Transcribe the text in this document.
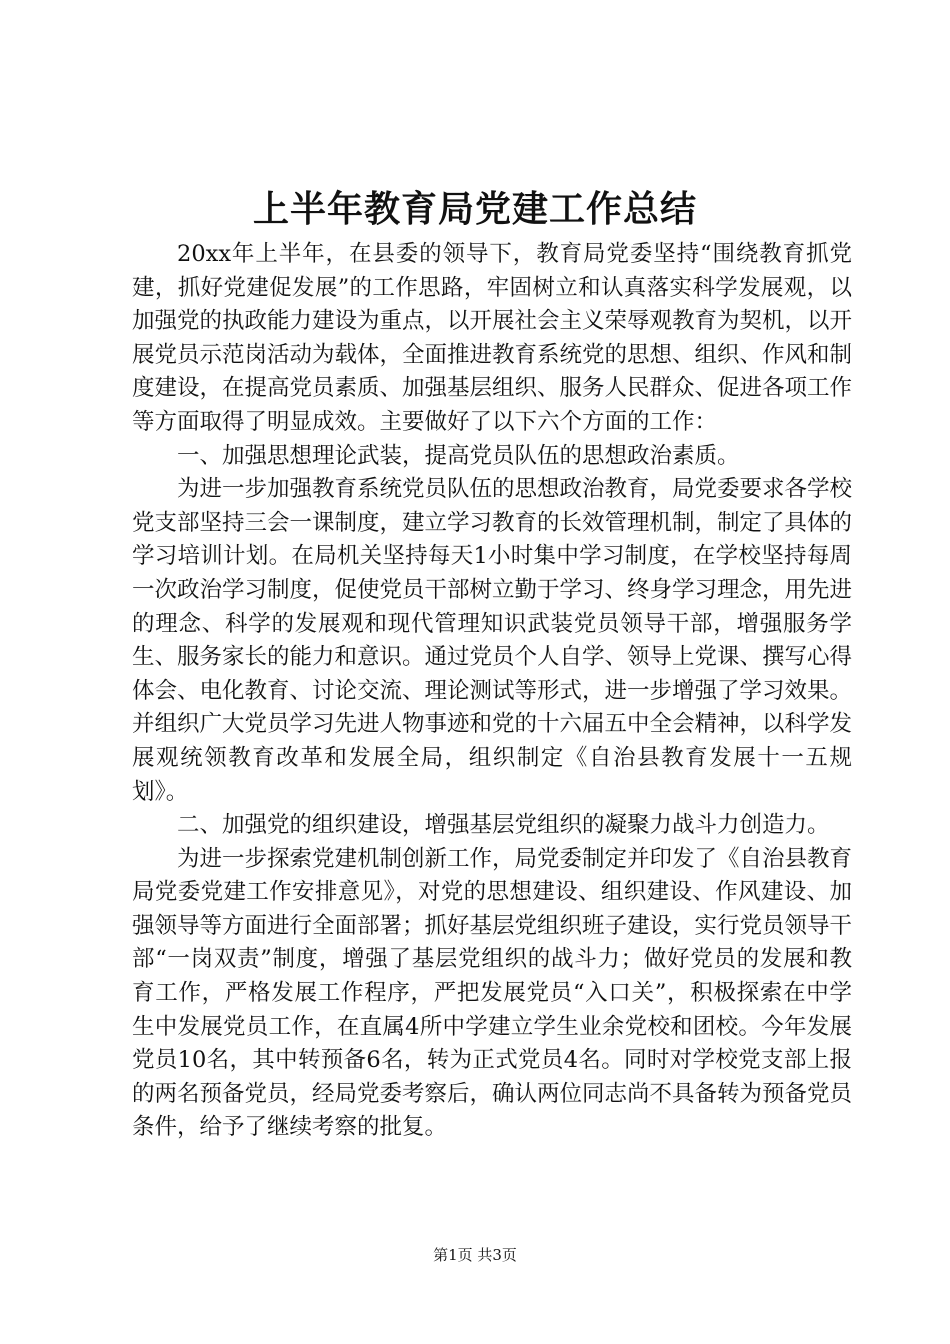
上半年教育局党建工作总结

20xx年上半年，在县委的领导下，教育局党委坚持“围绕教育抓党建，抓好党建促发展”的工作思路，牢固树立和认真落实科学发展观，以加强党的执政能力建设为重点，以开展社会主义荣辱观教育为契机，以开展党员示范岗活动为载体，全面推进教育系统党的思想、组织、作风和制度建设，在提高党员素质、加强基层组织、服务人民群众、促进各项工作等方面取得了明显成效。主要做好了以下六个方面的工作：

一、加强思想理论武装，提高党员队伍的思想政治素质。

为进一步加强教育系统党员队伍的思想政治教育，局党委要求各学校党支部坚持三会一课制度，建立学习教育的长效管理机制，制定了具体的学习培训计划。在局机关坚持每天1小时集中学习制度，在学校坚持每周一次政治学习制度，促使党员干部树立勤于学习、终身学习理念，用先进的理念、科学的发展观和现代管理知识武装党员领导干部，增强服务学生、服务家长的能力和意识。通过党员个人自学、领导上党课、撰写心得体会、电化教育、讨论交流、理论测试等形式，进一步增强了学习效果。并组织广大党员学习先进人物事迹和党的十六届五中全会精神，以科学发展观统领教育改革和发展全局，组织制定《自治县教育发展十一五规划》。

二、加强党的组织建设，增强基层党组织的凝聚力战斗力创造力。

为进一步探索党建机制创新工作，局党委制定并印发了《自治县教育局党委党建工作安排意见》，对党的思想建设、组织建设、作风建设、加强领导等方面进行全面部署；抓好基层党组织班子建设，实行党员领导干部“一岗双责”制度，增强了基层党组织的战斗力；做好党员的发展和教育工作，严格发展工作程序，严把发展党员“入口关”，积极探索在中学生中发展党员工作，在直属4所中学建立学生业余党校和团校。今年发展党员10名，其中转预备6名，转为正式党员4名。同时对学校党支部上报的两名预备党员，经局党委考察后，确认两位同志尚不具备转为预备党员条件，给予了继续考察的批复。

第1页 共3页
